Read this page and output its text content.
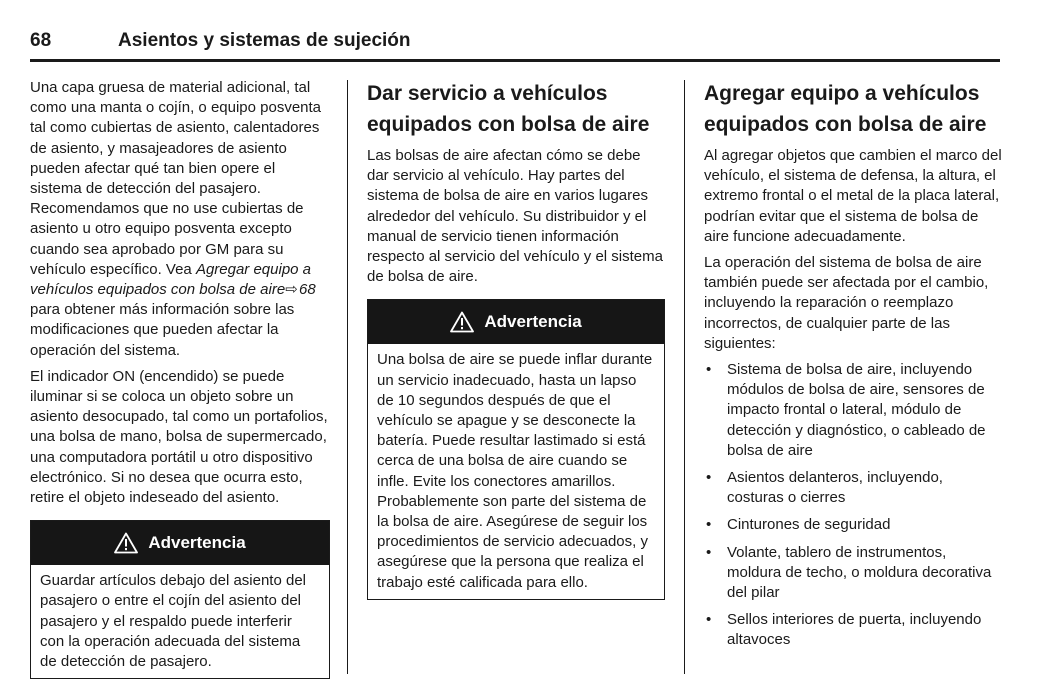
68	Asientos y sistemas de sujeción

Una capa gruesa de material adicional, tal como una manta o cojín, o equipo posventa tal como cubiertas de asiento, calentadores de asiento, y masajeadores de asiento pueden afectar qué tan bien opere el sistema de detección del pasajero. Recomendamos que no use cubiertas de asiento u otro equipo posventa excepto cuando sea aprobado por GM para su vehículo específico. Vea Agregar equipo a vehículos equipados con bolsa de aire⇨ 68 para obtener más información sobre las modificaciones que pueden afectar la operación del sistema.

El indicador ON (encendido) se puede iluminar si se coloca un objeto sobre un asiento desocupado, tal como un portafolios, una bolsa de mano, bolsa de supermercado, una computadora portátil u otro dispositivo electrónico. Si no desea que ocurra esto, retire el objeto indeseado del asiento.

Advertencia

Guardar artículos debajo del asiento del pasajero o entre el cojín del asiento del pasajero y el respaldo puede interferir con la operación adecuada del sistema de detección de pasajero.

Dar servicio a vehículos equipados con bolsa de aire

Las bolsas de aire afectan cómo se debe dar servicio al vehículo. Hay partes del sistema de bolsa de aire en varios lugares alrededor del vehículo. Su distribuidor y el manual de servicio tienen información respecto al servicio del vehículo y el sistema de bolsa de aire.

Advertencia

Una bolsa de aire se puede inflar durante un servicio inadecuado, hasta un lapso de 10 segundos después de que el vehículo se apague y se desconecte la batería. Puede resultar lastimado si está cerca de una bolsa de aire cuando se infle. Evite los conectores amarillos. Probablemente son parte del sistema de la bolsa de aire. Asegúrese de seguir los procedimientos de servicio adecuados, y asegúrese que la persona que realiza el trabajo esté calificada para ello.

Agregar equipo a vehículos equipados con bolsa de aire

Al agregar objetos que cambien el marco del vehículo, el sistema de defensa, la altura, el extremo frontal o el metal de la placa lateral, podrían evitar que el sistema de bolsa de aire funcione adecuadamente.

La operación del sistema de bolsa de aire también puede ser afectada por el cambio, incluyendo la reparación o reemplazo incorrectos, de cualquier parte de las siguientes:

• Sistema de bolsa de aire, incluyendo módulos de bolsa de aire, sensores de impacto frontal o lateral, módulo de detección y diagnóstico, o cableado de bolsa de aire
• Asientos delanteros, incluyendo, costuras o cierres
• Cinturones de seguridad
• Volante, tablero de instrumentos, moldura de techo, o moldura decorativa del pilar
• Sellos interiores de puerta, incluyendo altavoces
